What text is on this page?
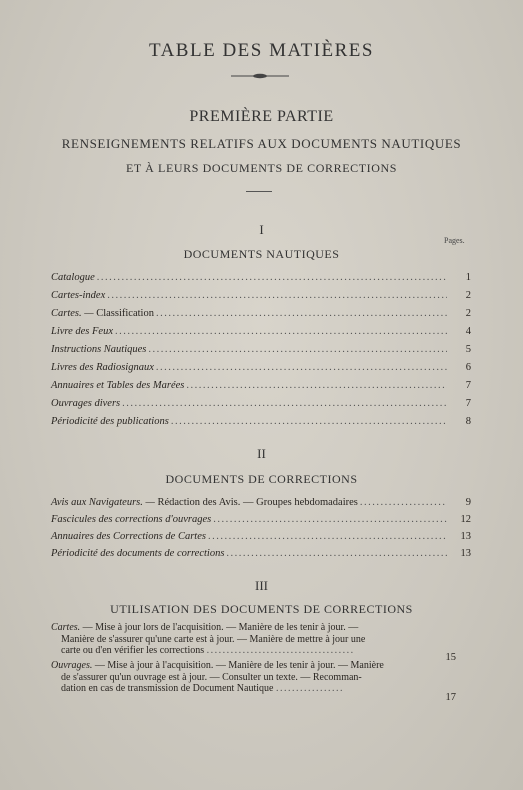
TABLE DES MATIÈRES
PREMIÈRE PARTIE
RENSEIGNEMENTS RELATIFS AUX DOCUMENTS NAUTIQUES
ET À LEURS DOCUMENTS DE CORRECTIONS
I
Pages.
DOCUMENTS NAUTIQUES
Catalogue .....	1
Cartes-index .....	2
Cartes. — Classification .....	2
Livre des Feux .....	4
Instructions Nautiques .....	5
Livres des Radiosignaux .....	6
Annuaires et Tables des Marées .....	7
Ouvrages divers .....	7
Périodicité des publications .....	8
II
DOCUMENTS DE CORRECTIONS
Avis aux Navigateurs. — Rédaction des Avis. — Groupes hebdomadaires .....	9
Fascicules des corrections d'ouvrages .....	12
Annuaires des Corrections de Cartes .....	13
Périodicité des documents de corrections .....	13
III
UTILISATION DES DOCUMENTS DE CORRECTIONS
Cartes. — Mise à jour lors de l'acquisition. — Manière de les tenir à jour. —
Manière de s'assurer qu'une carte est à jour. — Manière de mettre à jour une
carte ou d'en vérifier les corrections .....................................
15
Ouvrages. — Mise à jour à l'acquisition. — Manière de les tenir à jour. — Manière
de s'assurer qu'un ouvrage est à jour. — Consulter un texte. — Recomman-
dation en cas de transmission de Document Nautique .................
17
